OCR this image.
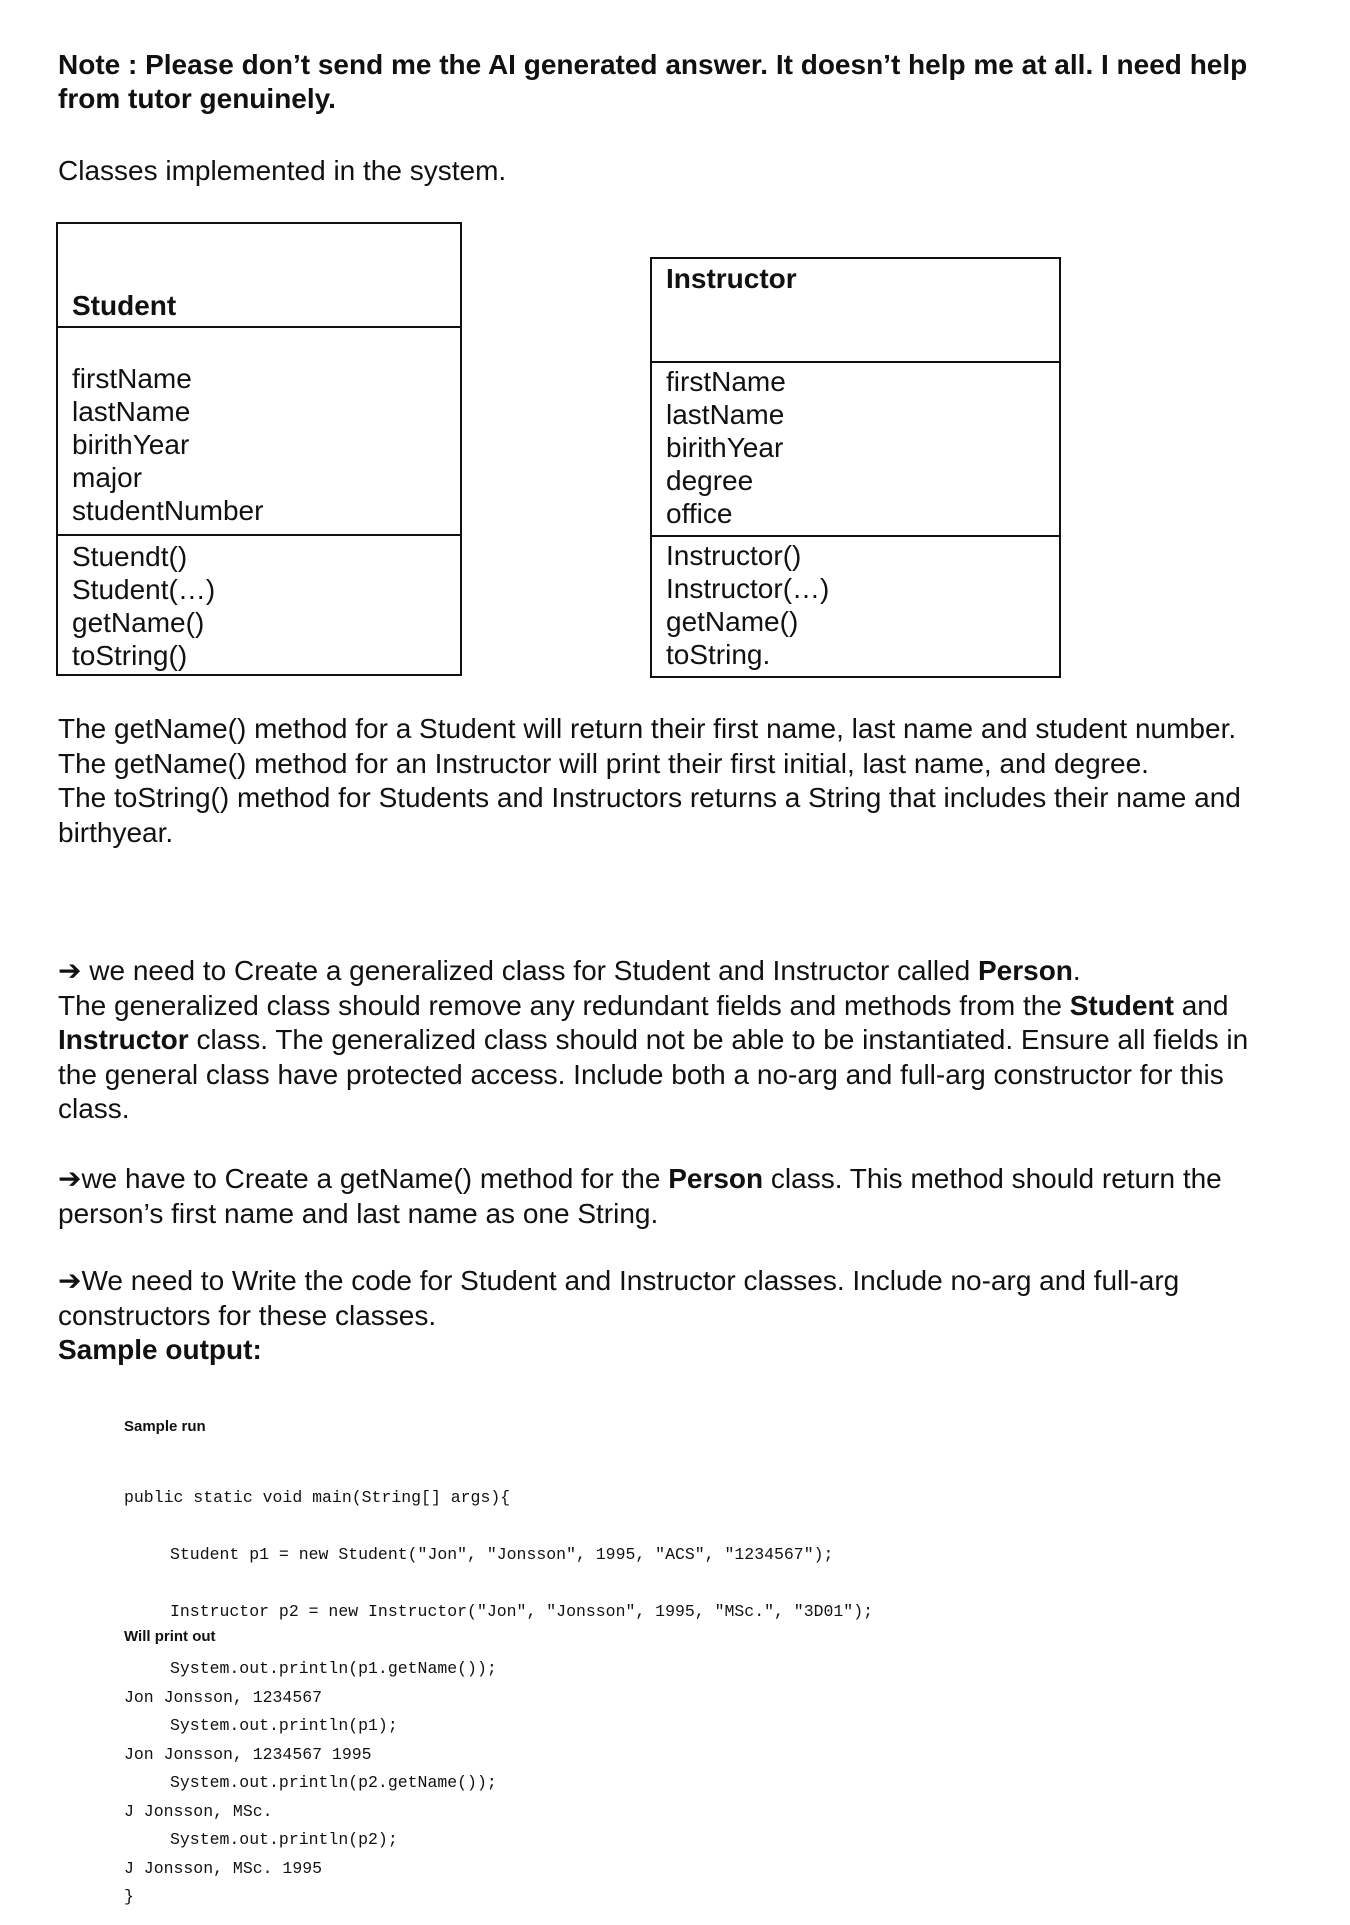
Note : Please don’t send me the AI generated answer. It doesn’t help me at all. I need help from tutor genuinely.
Classes implemented in the system.
Student
firstName
lastName
birithYear
major
studentNumber
Stuendt()
Student(…)
getName()
toString()
Instructor
firstName
lastName
birithYear
degree
office
Instructor()
Instructor(…)
getName()
toString.
The getName() method for a Student will return their first name, last name and student number.
The getName() method for an Instructor will print their first initial, last name, and degree.
The toString() method for Students and Instructors returns a String that includes their name and birthyear.
➔ we need to Create a generalized class for Student and Instructor called Person.
The generalized class should remove any redundant fields and methods from the Student and Instructor class. The generalized class should not be able to be instantiated. Ensure all fields in the general class have protected access. Include both a no-arg and full-arg constructor for this class.
➔we have to Create a getName() method for the Person class. This method should return the person’s first name and last name as one String.
➔We need to Write the code for Student and Instructor classes. Include no-arg and full-arg constructors for these classes.
Sample output:
Sample run

public static void main(String[] args){

Student p1 = new Student("Jon", "Jonsson", 1995, "ACS", "1234567");

Instructor p2 = new Instructor("Jon", "Jonsson", 1995, "MSc.", "3D01");

System.out.println(p1.getName());

System.out.println(p1);

System.out.println(p2.getName());

System.out.println(p2);

}

Will print out

Jon Jonsson, 1234567

Jon Jonsson, 1234567 1995

J Jonsson, MSc.

J Jonsson, MSc. 1995
